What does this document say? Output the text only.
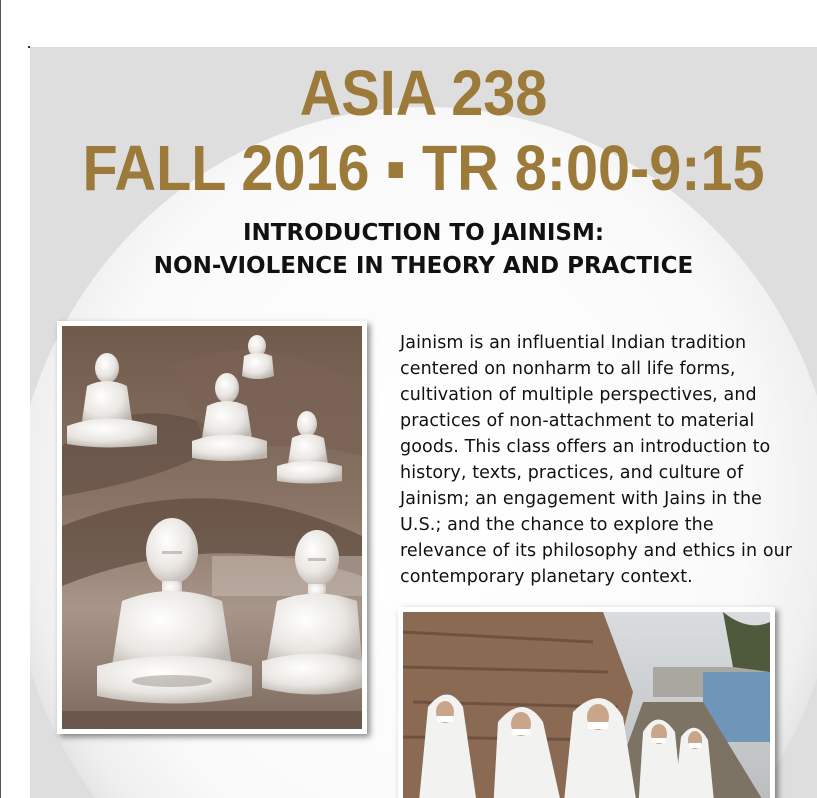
ASIA 238
FALL 2016 ▪ TR 8:00-9:15
INTRODUCTION TO JAINISM:
NON-VIOLENCE IN THEORY AND PRACTICE

Jainism is an influential Indian tradition centered on nonharm to all life forms, cultivation of multiple perspectives, and practices of non-attachment to material goods. This class offers an introduction to history, texts, practices, and culture of Jainism; an engagement with Jains in the U.S.; and the chance to explore the relevance of its philosophy and ethics in our contemporary planetary context.
